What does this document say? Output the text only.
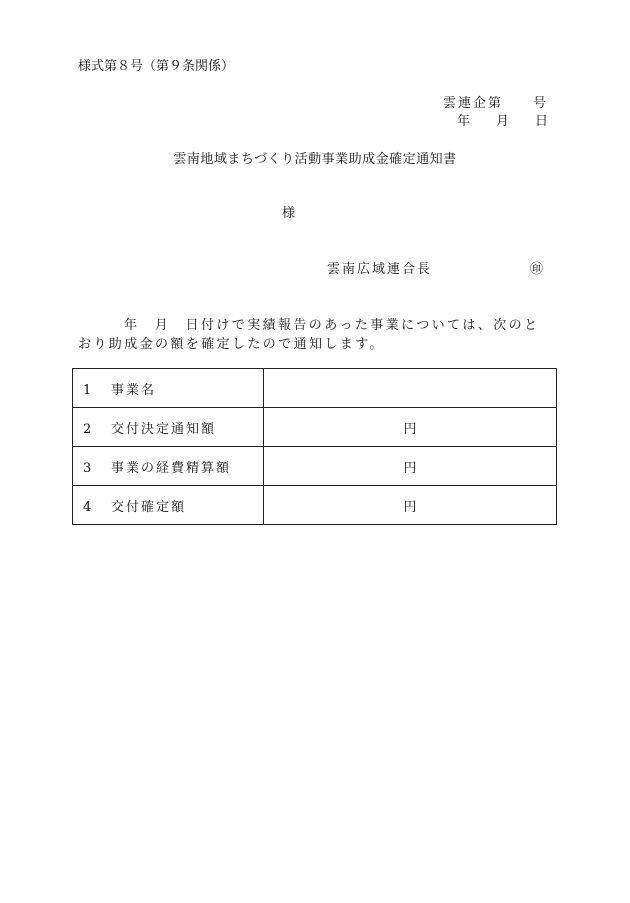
様式第８号（第９条関係）
雲連企第　　号
年　　月　　日
雲南地域まちづくり活動事業助成金確定通知書
様
雲南広域連合長	㊞
年　月　日付けで実績報告のあった事業については、次のと
おり助成金の額を確定したので通知します。
1 事業名	
2 交付決定通知額	円
3 事業の経費精算額	円
4 交付確定額	円
